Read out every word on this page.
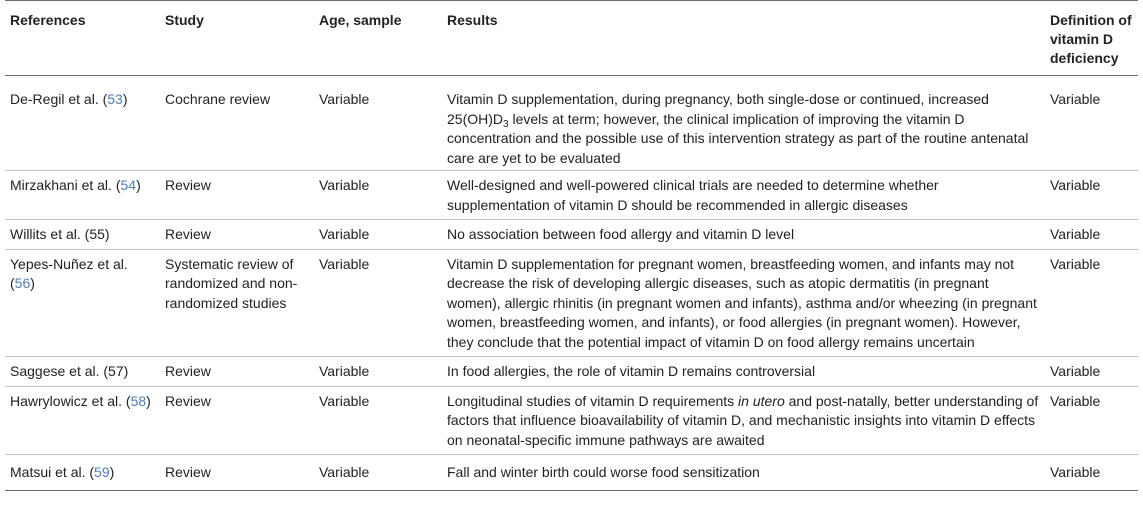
References	Study	Age, sample	Results	Definition of vitamin D deficiency
De-Regil et al. (53)	Cochrane review	Variable	Vitamin D supplementation, during pregnancy, both single-dose or continued, increased $25(OH)D_3$ levels at term; however, the clinical implication of improving the vitamin D concentration and the possible use of this intervention strategy as part of the routine antenatal care are yet to be evaluated	Variable
Mirzakhani et al. (54)	Review	Variable	Well-designed and well-powered clinical trials are needed to determine whether supplementation of vitamin D should be recommended in allergic diseases	Variable
Willits et al. (55)	Review	Variable	No association between food allergy and vitamin D level	Variable
Yepes-Nuñez et al. (56)	Systematic review of randomized and non-randomized studies	Variable	Vitamin D supplementation for pregnant women, breastfeeding women, and infants may not decrease the risk of developing allergic diseases, such as atopic dermatitis (in pregnant women), allergic rhinitis (in pregnant women and infants), asthma and/or wheezing (in pregnant women, breastfeeding women, and infants), or food allergies (in pregnant women). However, they conclude that the potential impact of vitamin D on food allergy remains uncertain	Variable
Saggese et al. (57)	Review	Variable	In food allergies, the role of vitamin D remains controversial	Variable
Hawrylowicz et al. (58)	Review	Variable	Longitudinal studies of vitamin D requirements in utero and post-natally, better understanding of factors that influence bioavailability of vitamin D, and mechanistic insights into vitamin D effects on neonatal-specific immune pathways are awaited	Variable
Matsui et al. (59)	Review	Variable	Fall and winter birth could worse food sensitization	Variable
